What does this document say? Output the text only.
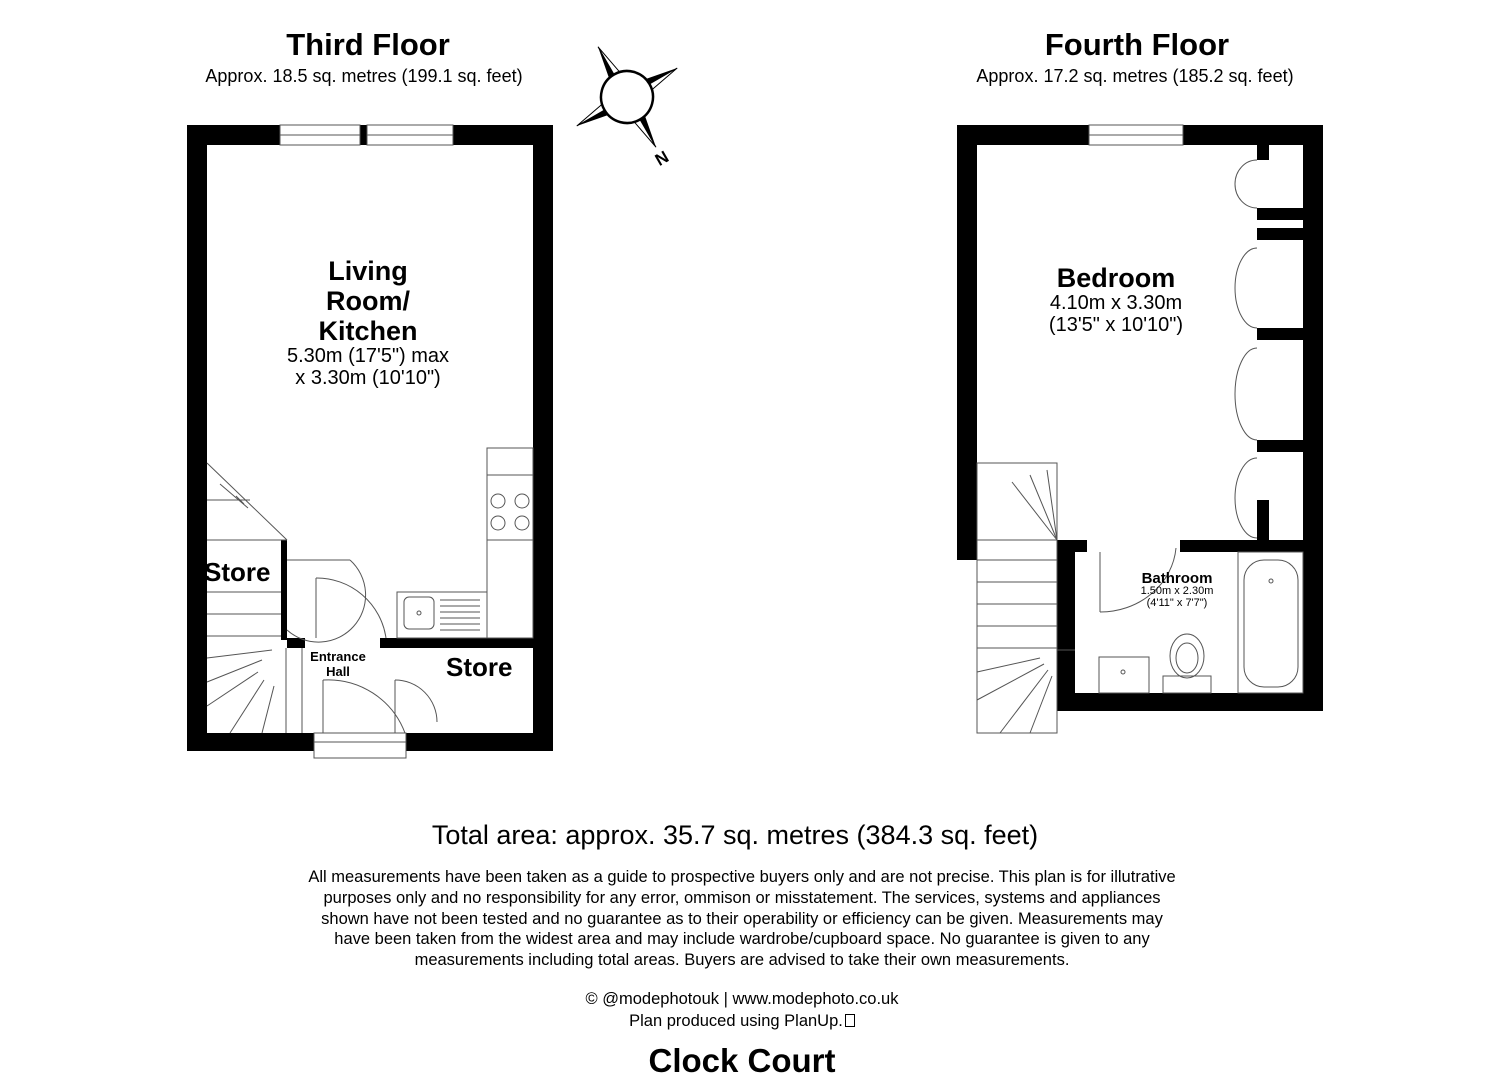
Third Floor
Approx. 18.5 sq. metres (199.1 sq. feet)
Fourth Floor
Approx. 17.2 sq. metres (185.2 sq. feet)
N
Living
Room/
Kitchen
5.30m (17'5") max
x 3.30m (10'10")
Store
Store
Entrance
Hall
Bedroom
4.10m x 3.30m
(13'5" x 10'10")
Bathroom
1.50m x 2.30m
(4'11" x 7'7")
Total area: approx. 35.7 sq. metres (384.3 sq. feet)
All measurements have been taken as a guide to prospective buyers only and are not precise. This plan is for illutrative
purposes only and no responsibility for any error, ommison or misstatement. The services, systems and appliances
shown have not been tested and no guarantee as to their operability or efficiency can be given. Measurements may
have been taken from the widest area and may include wardrobe/cupboard space. No guarantee is given to any
measurements including total areas. Buyers are advised to take their own measurements.
© @modephotouk | www.modephoto.co.uk
Plan produced using PlanUp.
Clock Court
